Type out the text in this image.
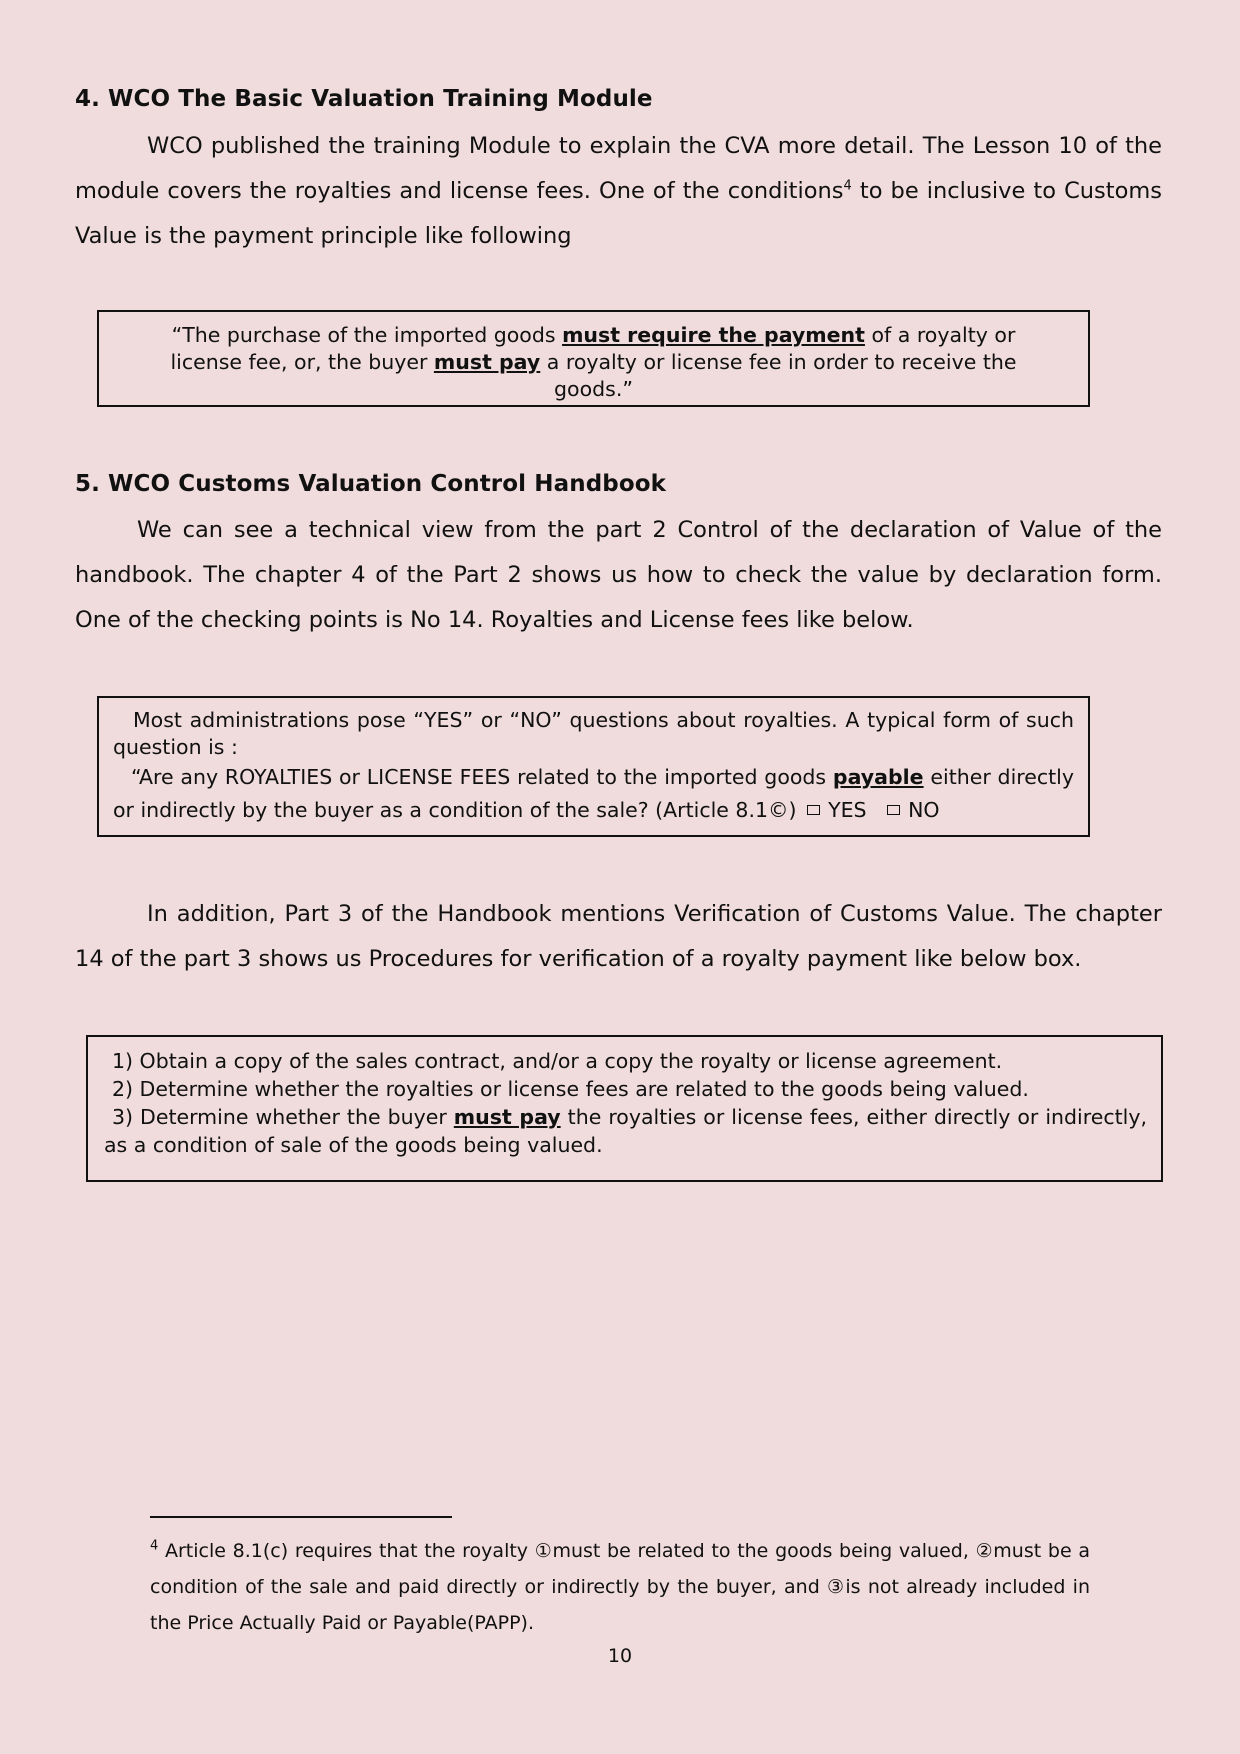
4. WCO The Basic Valuation Training Module

WCO published the training Module to explain the CVA more detail. The Lesson 10 of the module covers the royalties and license fees. One of the conditions$^4$ to be inclusive to Customs Value is the payment principle like following

“The purchase of the imported goods must require the payment of a royalty or license fee, or, the buyer must pay a royalty or license fee in order to receive the goods.”
5. WCO Customs Valuation Control Handbook

We can see a technical view from the part 2 Control of the declaration of Value of the handbook. The chapter 4 of the Part 2 shows us how to check the value by declaration form. One of the checking points is No 14. Royalties and License fees like below.

Most administrations pose “YES” or “NO” questions about royalties. A typical form of such question is :
“Are any ROYALTIES or LICENSE FEES related to the imported goods payable either directly or indirectly by the buyer as a condition of the sale? (Article 8.1©) YES NO

In addition, Part 3 of the Handbook mentions Verification of Customs Value. The chapter 14 of the part 3 shows us Procedures for verification of a royalty payment like below box.

1) Obtain a copy of the sales contract, and/or a copy the royalty or license agreement.
2) Determine whether the royalties or license fees are related to the goods being valued.
3) Determine whether the buyer must pay the royalties or license fees, either directly or indirectly, as a condition of sale of the goods being valued.
$^4$ Article 8.1(c) requires that the royalty ①must be related to the goods being valued, ②must be a condition of the sale and paid directly or indirectly by the buyer, and ③is not already included in the Price Actually Paid or Payable(PAPP).
10
